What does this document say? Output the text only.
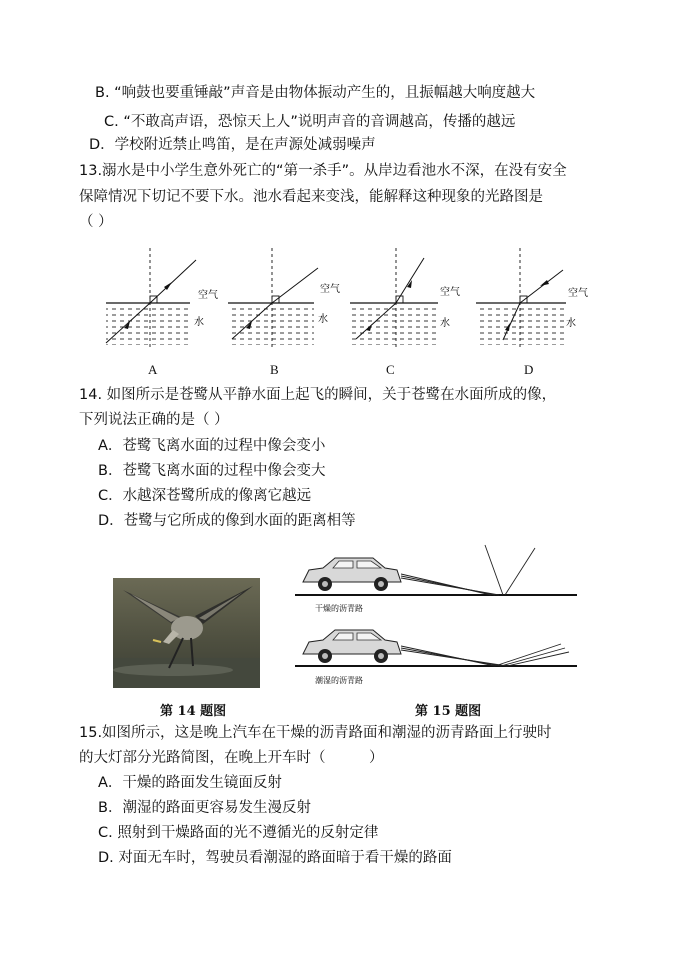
B. “响鼓也要重锤敲”声音是由物体振动产生的，且振幅越大响度越大
C. “不敢高声语，恐惊天上人”说明声音的音调越高，传播的越远
D．学校附近禁止鸣笛，是在声源处减弱噪声
13.溺水是中小学生意外死亡的“第一杀手”。从岸边看池水不深，在没有安全
保障情况下切记不要下水。池水看起来变浅，能解释这种现象的光路图是
（ ）
空气
水
空气
水
空气
水
空气
水
A	B	C	D
14. 如图所示是苍鹭从平静水面上起飞的瞬间，关于苍鹭在水面所成的像，
下列说法正确的是（ ）
A．苍鹭飞离水面的过程中像会变小
B．苍鹭飞离水面的过程中像会变大
C．水越深苍鹭所成的像离它越远
D．苍鹭与它所成的像到水面的距离相等
干燥的沥青路
潮湿的沥青路
第 14 题图	第 15 题图
15.如图所示，这是晚上汽车在干燥的沥青路面和潮湿的沥青路面上行驶时
的大灯部分光路简图，在晚上开车时（　　　）
A．干燥的路面发生镜面反射
B．潮湿的路面更容易发生漫反射
C. 照射到干燥路面的光不遵循光的反射定律
D. 对面无车时，驾驶员看潮湿的路面暗于看干燥的路面
